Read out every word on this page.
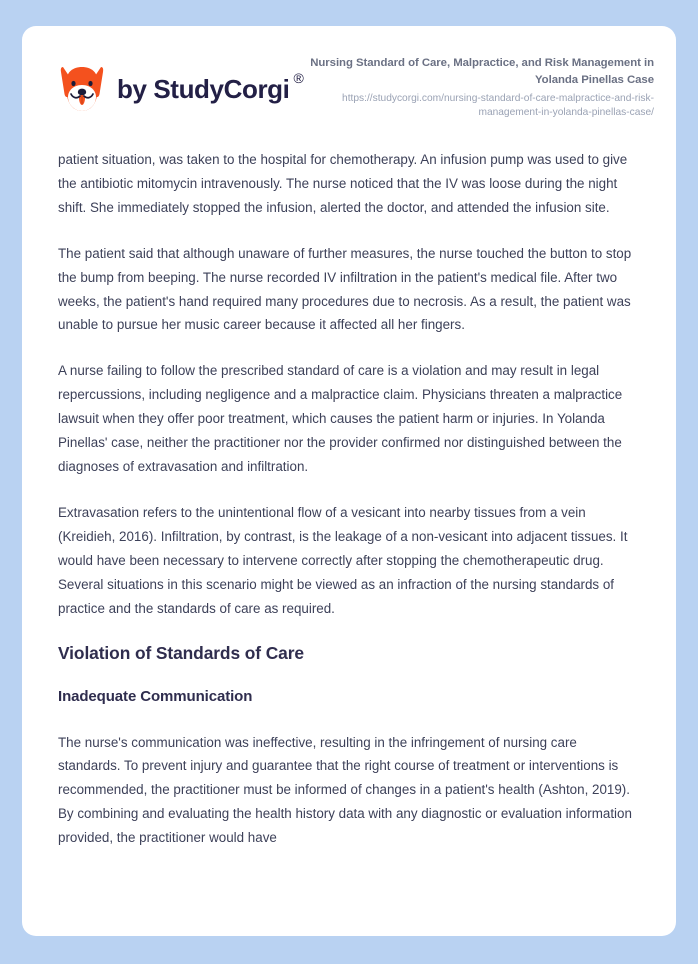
by StudyCorgi ®
Nursing Standard of Care, Malpractice, and Risk Management in Yolanda Pinellas Case
https://studycorgi.com/nursing-standard-of-care-malpractice-and-risk-management-in-yolanda-pinellas-case/

patient situation, was taken to the hospital for chemotherapy. An infusion pump was used to give the antibiotic mitomycin intravenously. The nurse noticed that the IV was loose during the night shift. She immediately stopped the infusion, alerted the doctor, and attended the infusion site.

The patient said that although unaware of further measures, the nurse touched the button to stop the bump from beeping. The nurse recorded IV infiltration in the patient's medical file. After two weeks, the patient's hand required many procedures due to necrosis. As a result, the patient was unable to pursue her music career because it affected all her fingers.

A nurse failing to follow the prescribed standard of care is a violation and may result in legal repercussions, including negligence and a malpractice claim. Physicians threaten a malpractice lawsuit when they offer poor treatment, which causes the patient harm or injuries. In Yolanda Pinellas' case, neither the practitioner nor the provider confirmed nor distinguished between the diagnoses of extravasation and infiltration.

Extravasation refers to the unintentional flow of a vesicant into nearby tissues from a vein (Kreidieh, 2016). Infiltration, by contrast, is the leakage of a non-vesicant into adjacent tissues. It would have been necessary to intervene correctly after stopping the chemotherapeutic drug. Several situations in this scenario might be viewed as an infraction of the nursing standards of practice and the standards of care as required.

Violation of Standards of Care
Inadequate Communication

The nurse's communication was ineffective, resulting in the infringement of nursing care standards. To prevent injury and guarantee that the right course of treatment or interventions is recommended, the practitioner must be informed of changes in a patient's health (Ashton, 2019). By combining and evaluating the health history data with any diagnostic or evaluation information provided, the practitioner would have
